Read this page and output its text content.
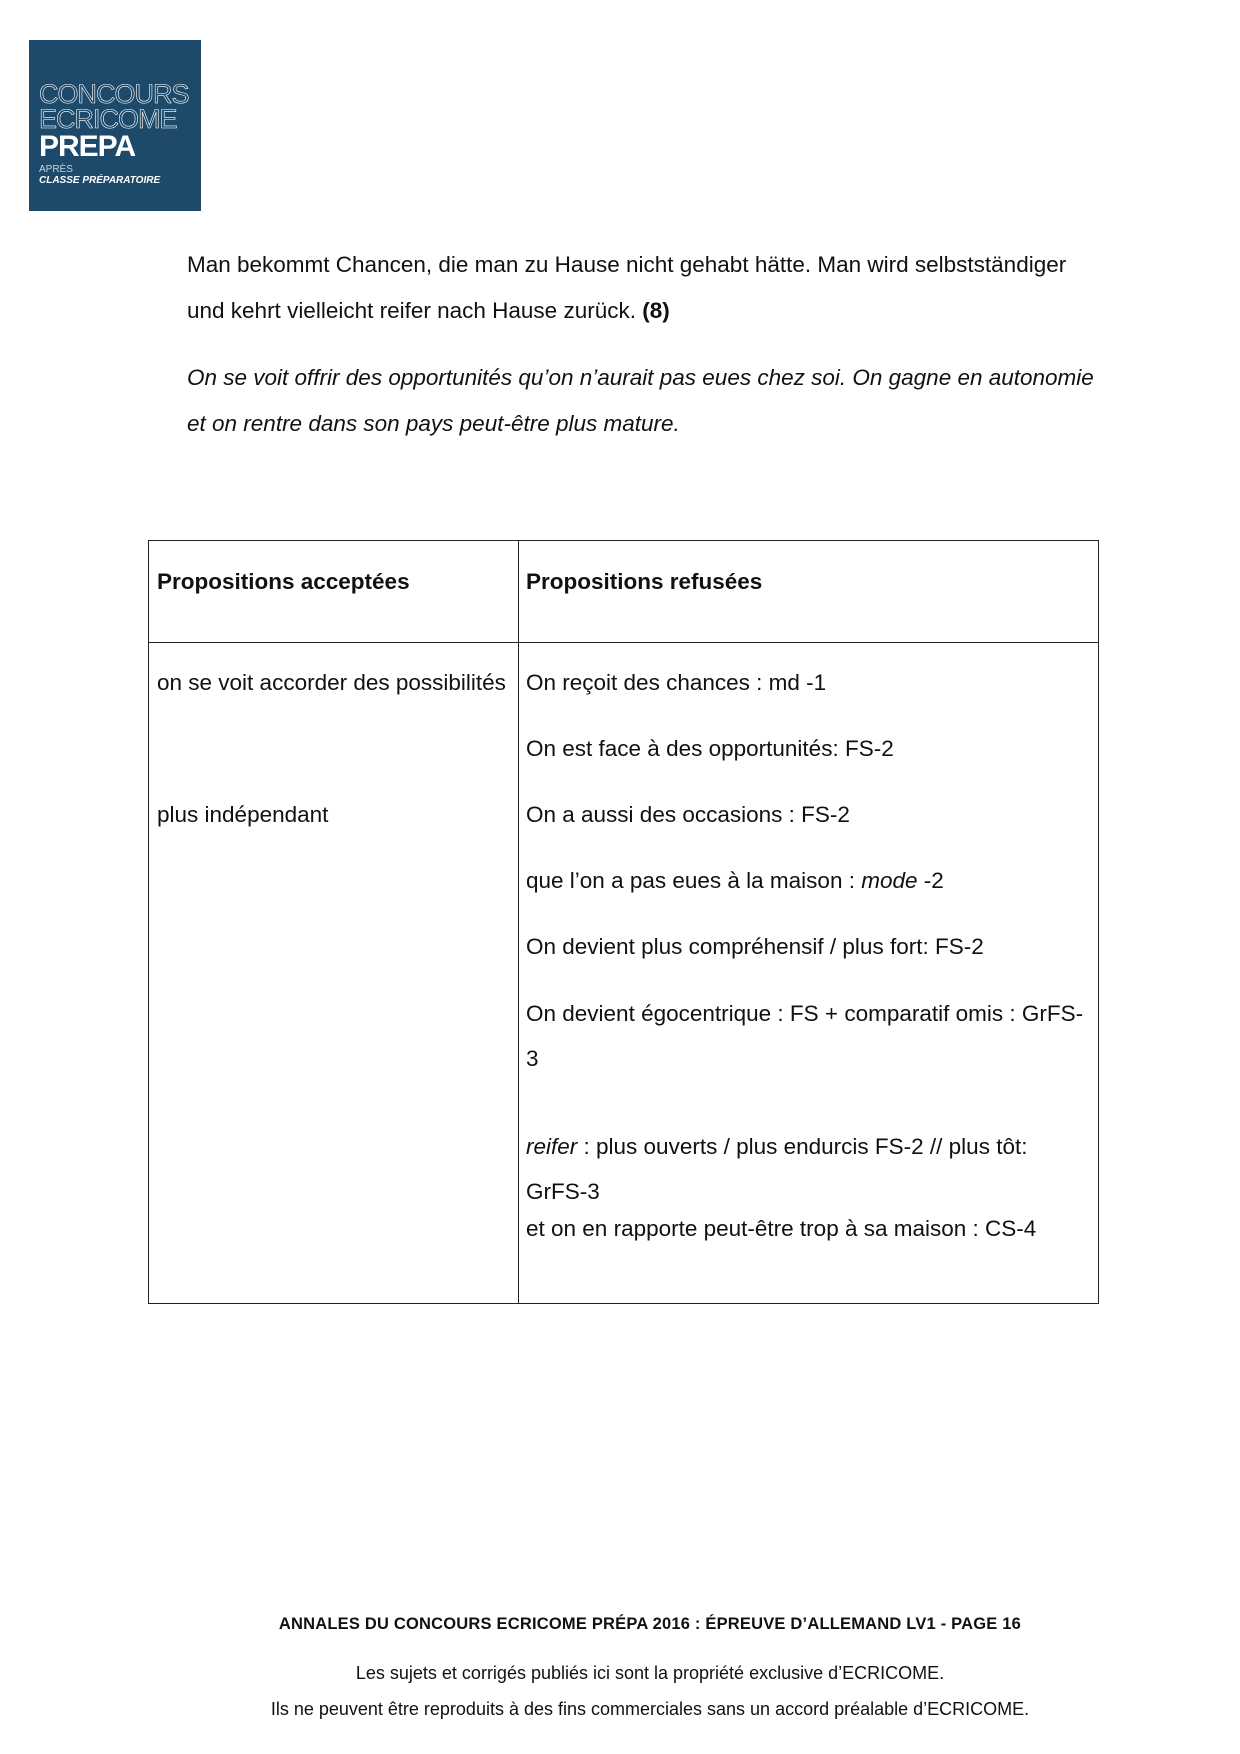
CONCOURS
ECRICOME
PREPA
APRÈS
CLASSE PRÉPARATOIRE

Man bekommt Chancen, die man zu Hause nicht gehabt hätte. Man wird selbstständiger und kehrt vielleicht reifer nach Hause zurück. (8)

On se voit offrir des opportunités qu’on n’aurait pas eues chez soi. On gagne en autonomie et on rentre dans son pays peut-être plus mature.

Propositions acceptées	Propositions refusées
on se voit accorder des possibilités
plus indépendant
On reçoit des chances : md -1
On est face à des opportunités: FS-2
On a aussi des occasions : FS-2
que l’on a pas eues à la maison : mode -2
On devient plus compréhensif / plus fort: FS-2
On devient égocentrique : FS + comparatif omis : GrFS-3
reifer : plus ouverts / plus endurcis FS-2 // plus tôt: GrFS-3
et on en rapporte peut-être trop à sa maison : CS-4
ANNALES DU CONCOURS ECRICOME PRÉPA 2016 : ÉPREUVE D’ALLEMAND LV1 - PAGE 16
Les sujets et corrigés publiés ici sont la propriété exclusive d’ECRICOME.
Ils ne peuvent être reproduits à des fins commerciales sans un accord préalable d’ECRICOME.
